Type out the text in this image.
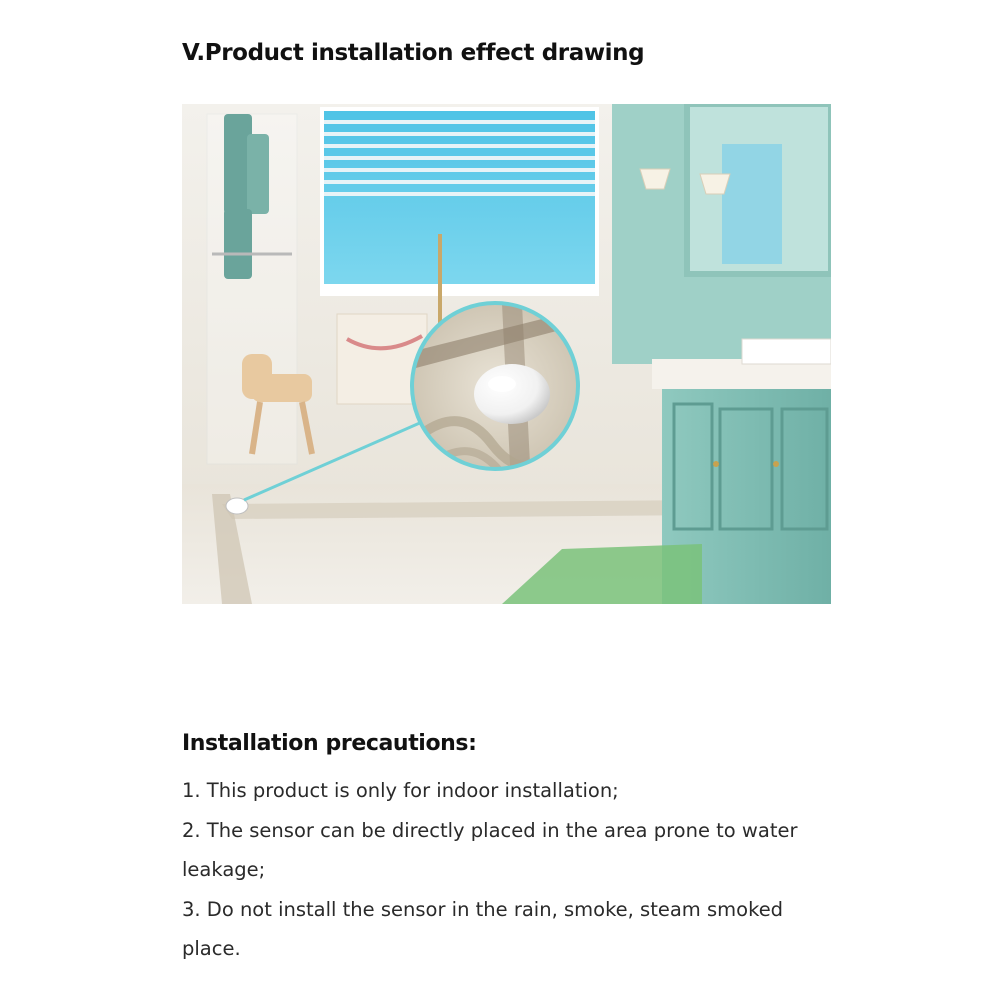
V.Product installation effect drawing
Installation precautions:
1. This product is only for indoor installation;
2. The sensor can be directly placed in the area prone to water leakage;
3. Do not install the sensor in the rain, smoke, steam smoked place.
